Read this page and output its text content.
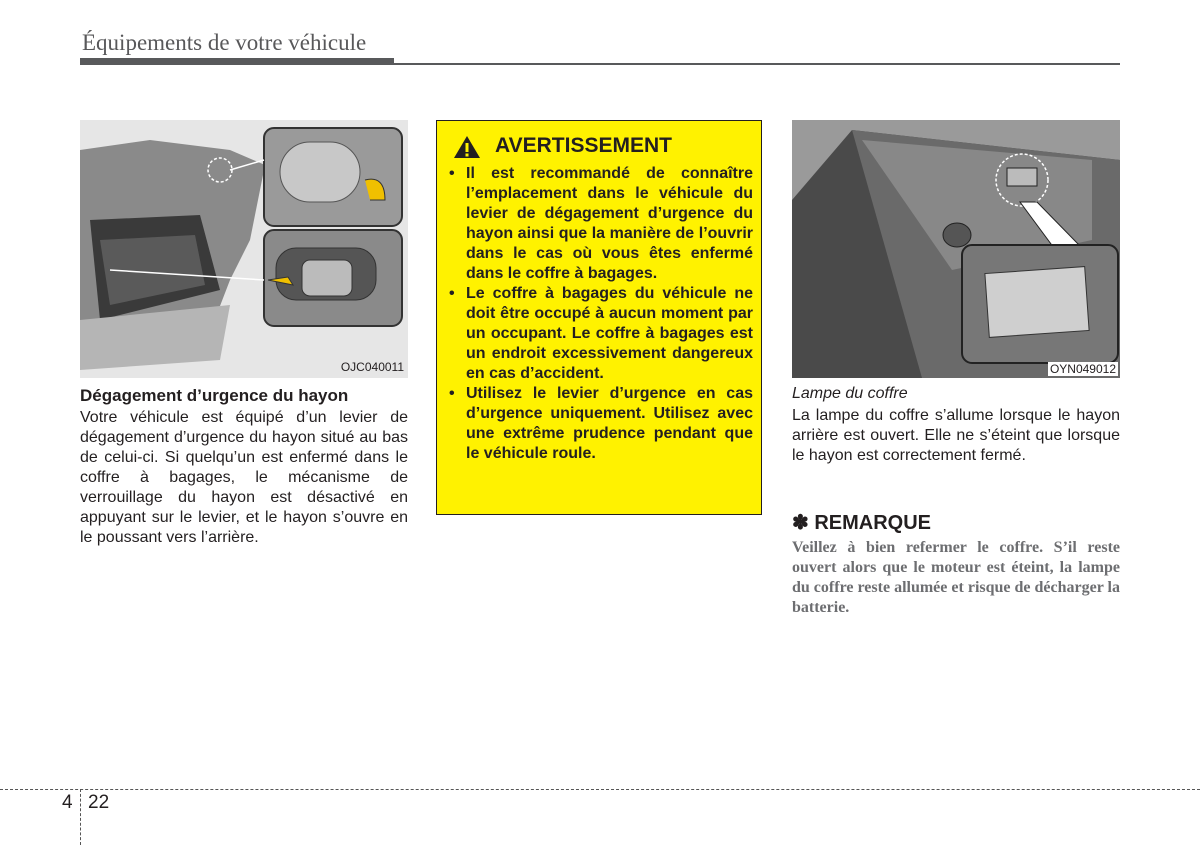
Équipements de votre véhicule
OJC040011
Dégagement d’urgence du hayon
Votre véhicule est équipé d’un levier de dégagement d’urgence du hayon situé au bas de celui-ci. Si quelqu’un est enfermé dans le coffre à bagages, le mécanisme de verrouillage du hayon est désactivé en appuyant sur le levier, et le hayon s’ouvre en le poussant vers l’arrière.
AVERTISSEMENT
• Il est recommandé de connaître l’emplacement dans le véhicule du levier de dégagement d’urgence du hayon ainsi que la manière de l’ouvrir dans le cas où vous êtes enfermé dans le coffre à bagages.
• Le coffre à bagages du véhicule ne doit être occupé à aucun moment par un occupant. Le coffre à bagages est un endroit excessivement dangereux en cas d’accident.
• Utilisez le levier d’urgence en cas d’urgence uniquement. Utilisez avec une extrême prudence pendant que le véhicule roule.
OYN049012
Lampe du coffre
La lampe du coffre s’allume lorsque le hayon arrière est ouvert. Elle ne s’éteint que lorsque le hayon est correctement fermé.
✽ REMARQUE
Veillez à bien refermer le coffre. S’il reste ouvert alors que le moteur est éteint, la lampe du coffre reste allumée et risque de décharger la batterie.
4 22
